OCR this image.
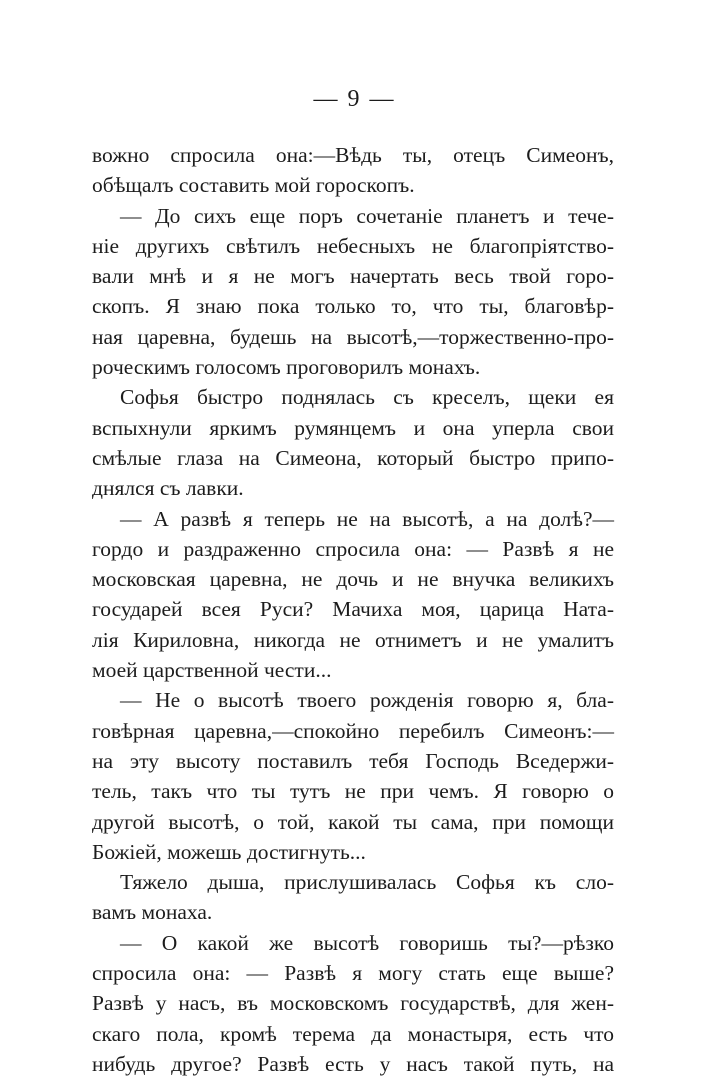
— 9 —
вожно спросила она:—Вѣдь ты, отецъ Симеонъ,
обѣщалъ составить мой гороскопъ.
— До сихъ еще поръ сочетаніе планетъ и тече-
ніе другихъ свѣтилъ небесныхъ не благопріятство-
вали мнѣ и я не могъ начертать весь твой горо-
скопъ. Я знаю пока только то, что ты, благовѣр-
ная царевна, будешь на высотѣ,—торжественно-про-
роческимъ голосомъ проговорилъ монахъ.
Софья быстро поднялась съ креселъ, щеки ея
вспыхнули яркимъ румянцемъ и она уперла свои
смѣлые глаза на Симеона, который быстро припо-
днялся съ лавки.
— А развѣ я теперь не на высотѣ, а на долѣ?—
гордо и раздраженно спросила она: — Развѣ я не
московская царевна, не дочь и не внучка великихъ
государей всея Руси? Мачиха моя, царица Ната-
лія Кириловна, никогда не отниметъ и не умалитъ
моей царственной чести...
— Не о высотѣ твоего рожденія говорю я, бла-
говѣрная царевна,—спокойно перебилъ Симеонъ:—
на эту высоту поставилъ тебя Господь Вседержи-
тель, такъ что ты тутъ не при чемъ. Я говорю о
другой высотѣ, о той, какой ты сама, при помощи
Божіей, можешь достигнуть...
Тяжело дыша, прислушивалась Софья къ сло-
вамъ монаха.
— О какой же высотѣ говоришь ты?—рѣзко
спросила она: — Развѣ я могу стать еще выше?
Развѣ у насъ, въ московскомъ государствѣ, для жен-
скаго пола, кромѣ терема да монастыря, есть что
нибудь другое? Развѣ есть у насъ такой путь, на
